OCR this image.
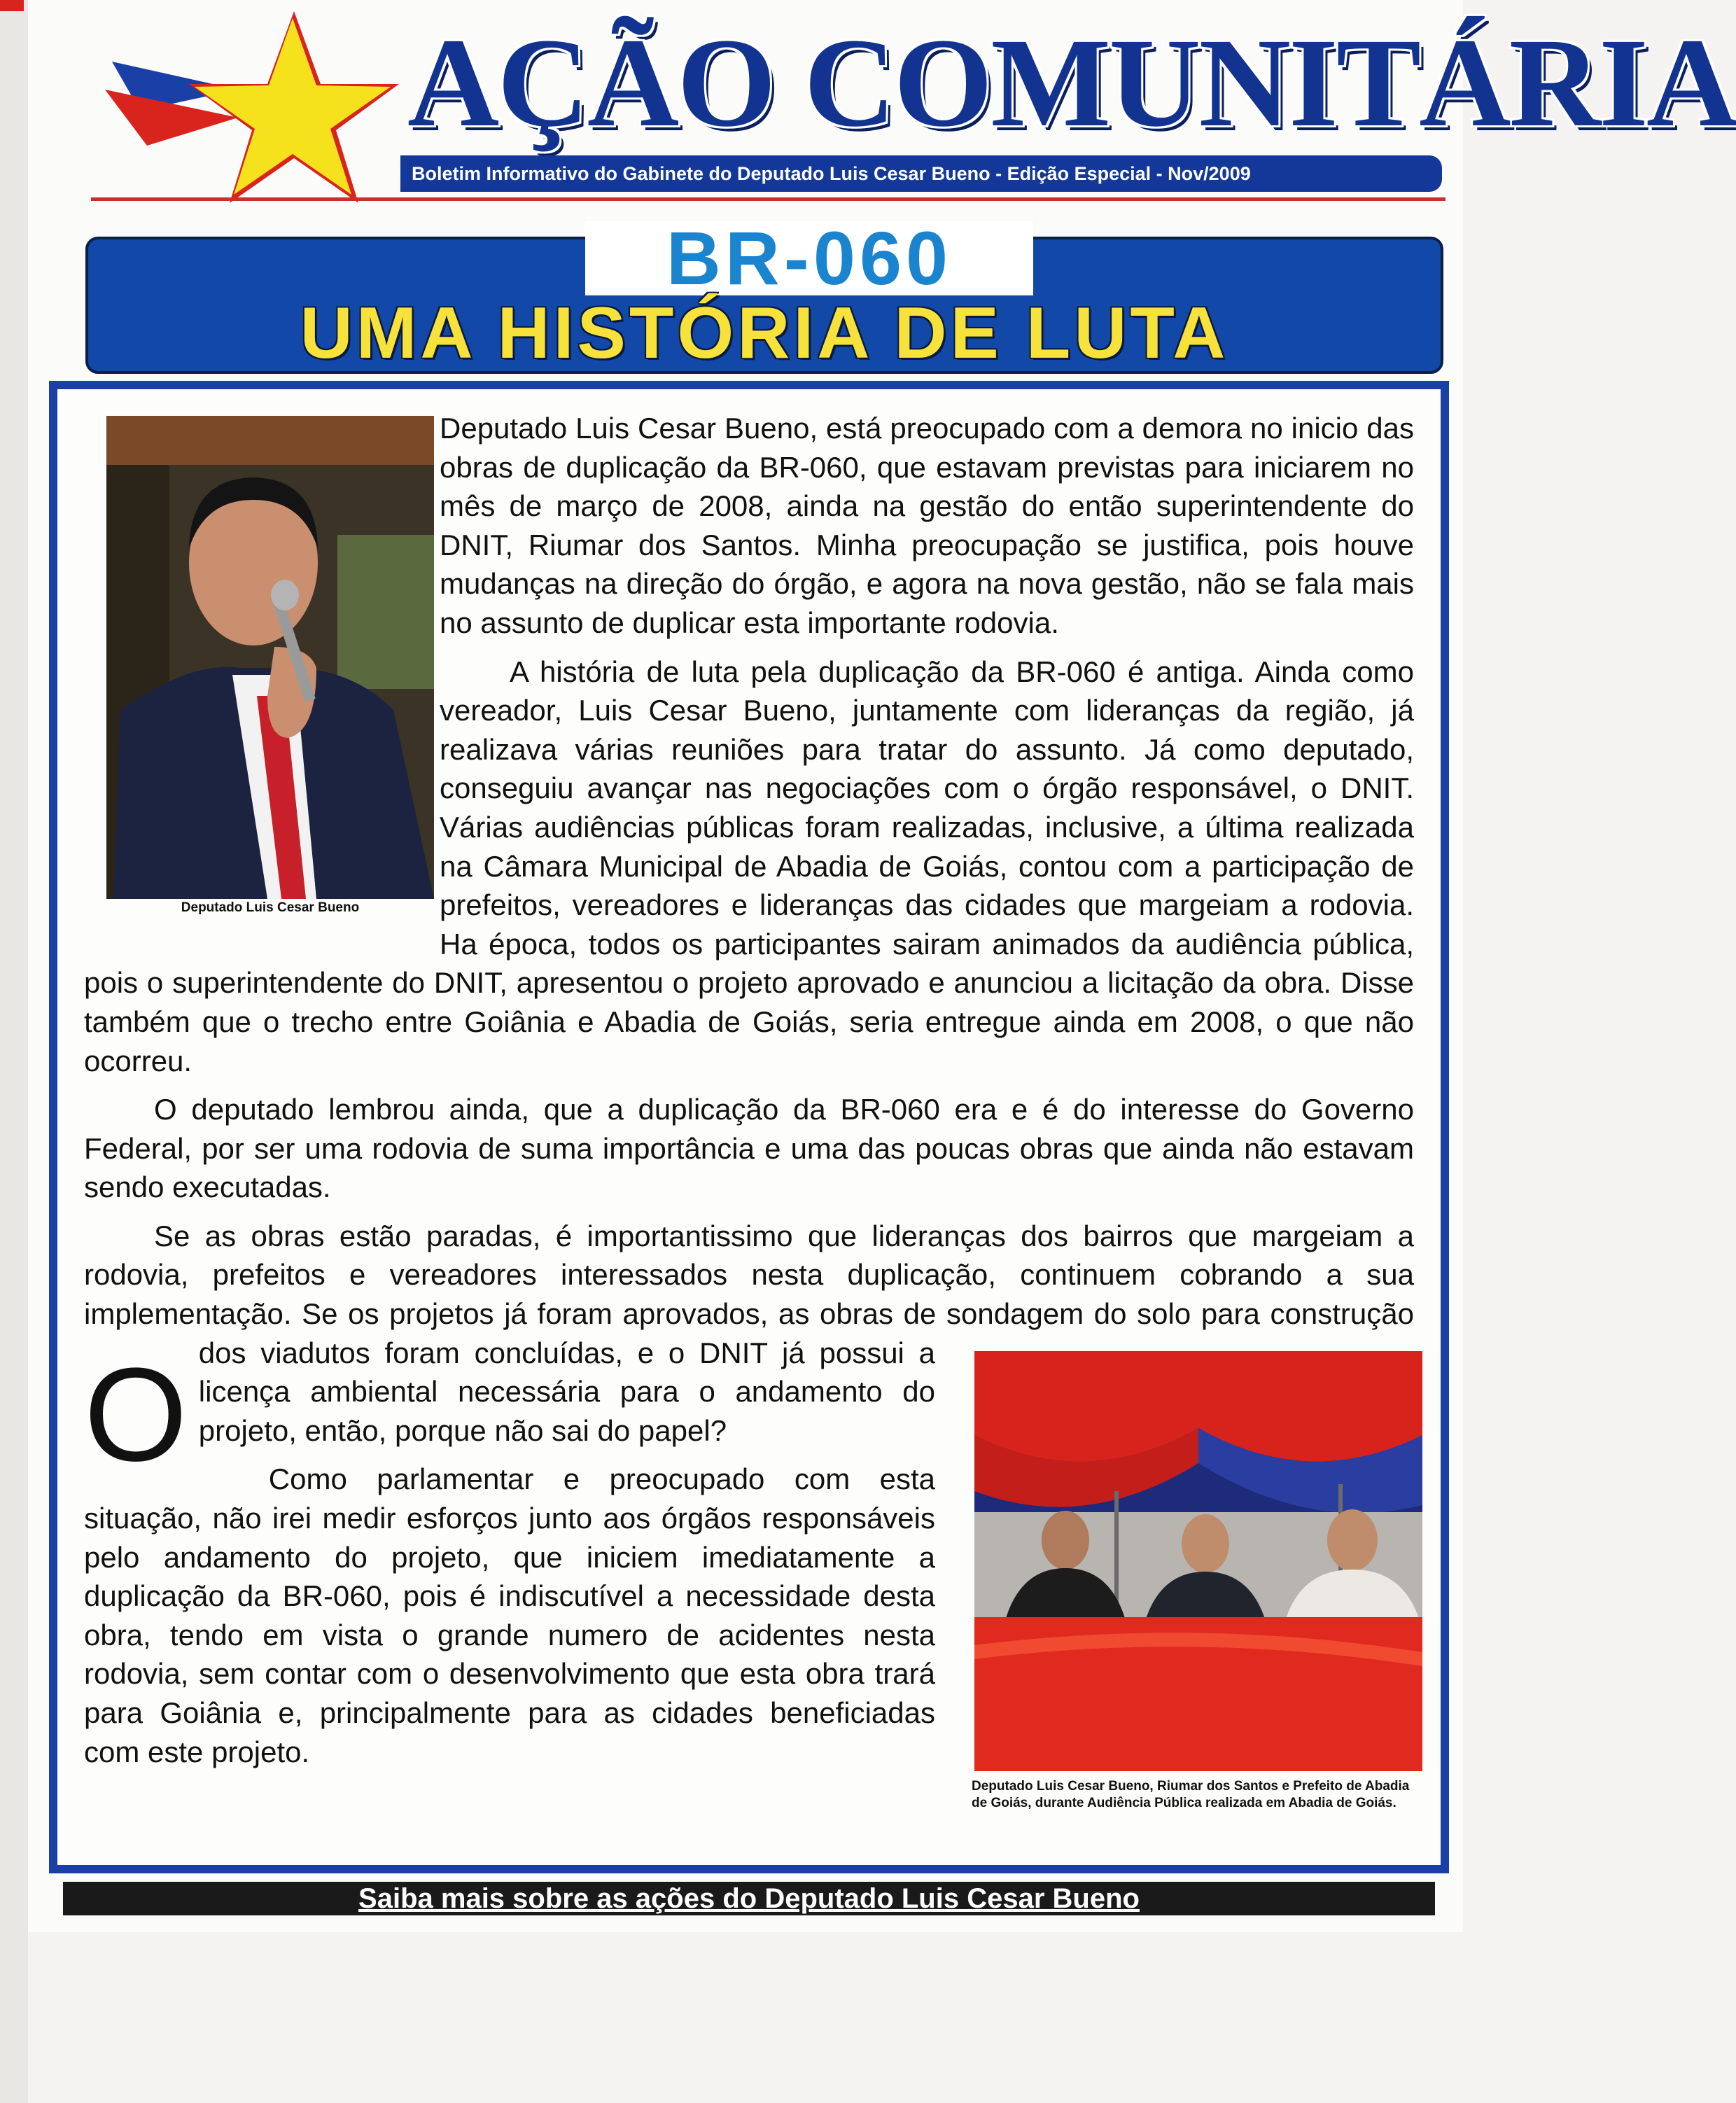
AÇÃO COMUNITÁRIA
Boletim Informativo do Gabinete do Deputado Luis Cesar Bueno - Edição Especial - Nov/2009
BR-060
UMA HISTÓRIA DE LUTA

O
Deputado Luis Cesar Bueno, está preocupado com a demora no inicio das obras de duplicação da BR-060, que estavam previstas para iniciarem no mês de março de 2008, ainda na gestão do então superintendente do DNIT, Riumar dos Santos. Minha preocupação se justifica, pois houve mudanças na direção do órgão, e agora na nova gestão, não se fala mais no assunto de duplicar esta importante rodovia.

A história de luta pela duplicação da BR-060 é antiga. Ainda como vereador, Luis Cesar Bueno, juntamente com lideranças da região, já realizava várias reuniões para tratar do assunto. Já como deputado, conseguiu avançar nas negociações com o órgão responsável, o DNIT. Várias audiências públicas foram realizadas, inclusive, a última realizada na Câmara Municipal de Abadia de Goiás, contou com a participação de prefeitos, vereadores e lideranças das cidades que margeiam a rodovia. Ha época, todos os participantes sairam animados da audiência pública, pois o superintendente do DNIT, apresentou o projeto aprovado e anunciou a licitação da obra. Disse também que o trecho entre Goiânia e Abadia de Goiás, seria entregue ainda em 2008, o que não ocorreu.

O deputado lembrou ainda, que a duplicação da BR-060 era e é do interesse do Governo Federal, por ser uma rodovia de suma importância e uma das poucas obras que ainda não estavam sendo executadas.

Se as obras estão paradas, é importantissimo que lideranças dos bairros que margeiam a rodovia, prefeitos e vereadores interessados nesta duplicação, continuem cobrando a sua implementação. Se os projetos já foram aprovados, as obras de sondagem do solo para construção dos viadutos foram concluídas, e o DNIT já possui a licença ambiental necessária para o andamento do projeto, então, porque não sai do papel?

Como parlamentar e preocupado com esta situação, não irei medir esforços junto aos órgãos responsáveis pelo andamento do projeto, que iniciem imediatamente a duplicação da BR-060, pois é indiscutível a necessidade desta obra, tendo em vista o grande numero de acidentes nesta rodovia, sem contar com o desenvolvimento que esta obra trará para Goiânia e, principalmente para as cidades beneficiadas com este projeto.

Deputado Luis Cesar Bueno
Deputado Luis Cesar Bueno, Riumar dos Santos e Prefeito de Abadia de Goiás, durante Audiência Pública realizada em Abadia de Goiás.
Saiba mais sobre as ações do Deputado Luis Cesar Bueno
